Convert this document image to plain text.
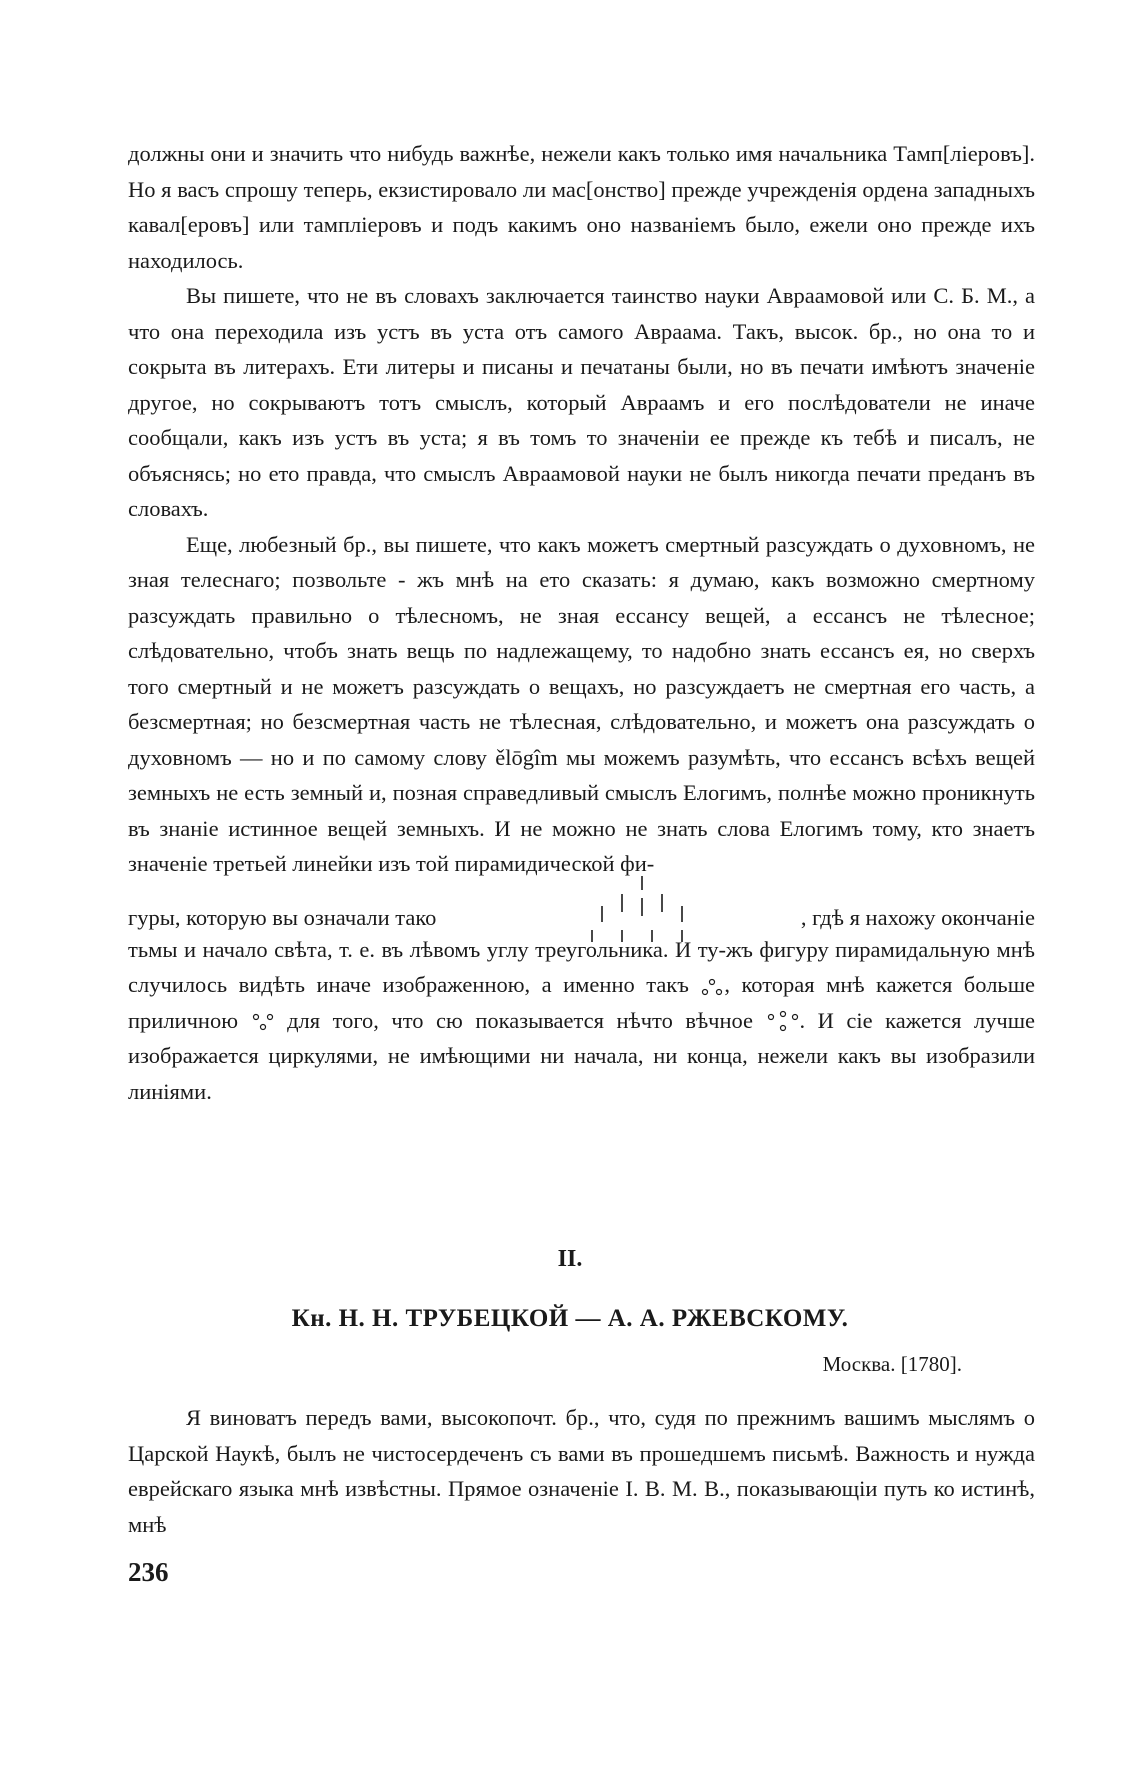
должны они и значить что нибудь важнѣе, нежели какъ только имя начальника Тамп[лiеровъ]. Но я васъ спрошу теперь, екзистировало ли мас[онство] прежде учрежденiя ордена западныхъ кавал[еровъ] или тамплiеровъ и подъ какимъ оно названiемъ было, ежели оно прежде ихъ находилось.

Вы пишете, что не въ словахъ заключается таинство науки Авраамовой или С. Б. М., а что она переходила изъ устъ въ уста отъ самого Авраама. Такъ, высок. бр., но она то и сокрыта въ литерахъ. Ети литеры и писаны и печатаны были, но въ печати имѣютъ значенiе другое, но сокрываютъ тотъ смыслъ, который Авраамъ и его послѣдователи не иначе сообщали, какъ изъ устъ въ уста; я въ томъ то значенiи ее прежде къ тебѣ и писалъ, не объяснясь; но ето правда, что смыслъ Авраамовой науки не былъ никогда печати преданъ въ словахъ.

Еще, любезный бр., вы пишете, что какъ можетъ смертный разсуждать о духовномъ, не зная телеснаго; позвольте - жъ мнѣ на ето сказать: я думаю, какъ возможно смертному разсуждать правильно о тѣлесномъ, не зная ессансу вещей, а ессансъ не тѣлесное; слѣдовательно, чтобъ знать вещь по надлежащему, то надобно знать ессансъ ея, но сверхъ того смертный и не можетъ разсуждать о вещахъ, но разсуждаетъ не смертная его часть, а безсмертная; но безсмертная часть не тѣлесная, слѣдовательно, и можетъ она разсуждать о духовномъ — но и по самому слову ělōgîm мы можемъ разумѣть, что ессансъ всѣхъ вещей земныхъ не есть земный и, позная справедливый смыслъ Елогимъ, полнѣе можно проникнуть въ знанiе истинное вещей земныхъ. И не можно не знать слова Елогимъ тому, кто знаетъ значенiе третьей линейки изъ той пирамидической фи-

гуры, которую вы означали тако	, гдѣ я нахожу окончанiе

тьмы и начало свѣта, т. е. въ лѣвомъ углу треугольника. И ту-жъ фигуру пирамидальную мнѣ случилось видѣть иначе изображенною, а именно такъ , которая мнѣ кажется больше приличною для того, что сю показывается нѣчто вѣчное . И сiе кажется лучше изображается циркулями, не имѣющими ни начала, ни конца, нежели какъ вы изобразили линiями.

II.
Кн. Н. Н. ТРУБЕЦКОЙ — А. А. РЖЕВСКОМУ.
Москва. [1780].

Я виноватъ передъ вами, высокопочт. бр., что, судя по прежнимъ вашимъ мыслямъ о Царской Наукѣ, былъ не чистосердеченъ съ вами въ прошедшемъ письмѣ. Важность и нужда еврейскаго языка мнѣ извѣстны. Прямое означенiе I. В. М. В., показывающiи путь ко истинѣ, мнѣ

236
